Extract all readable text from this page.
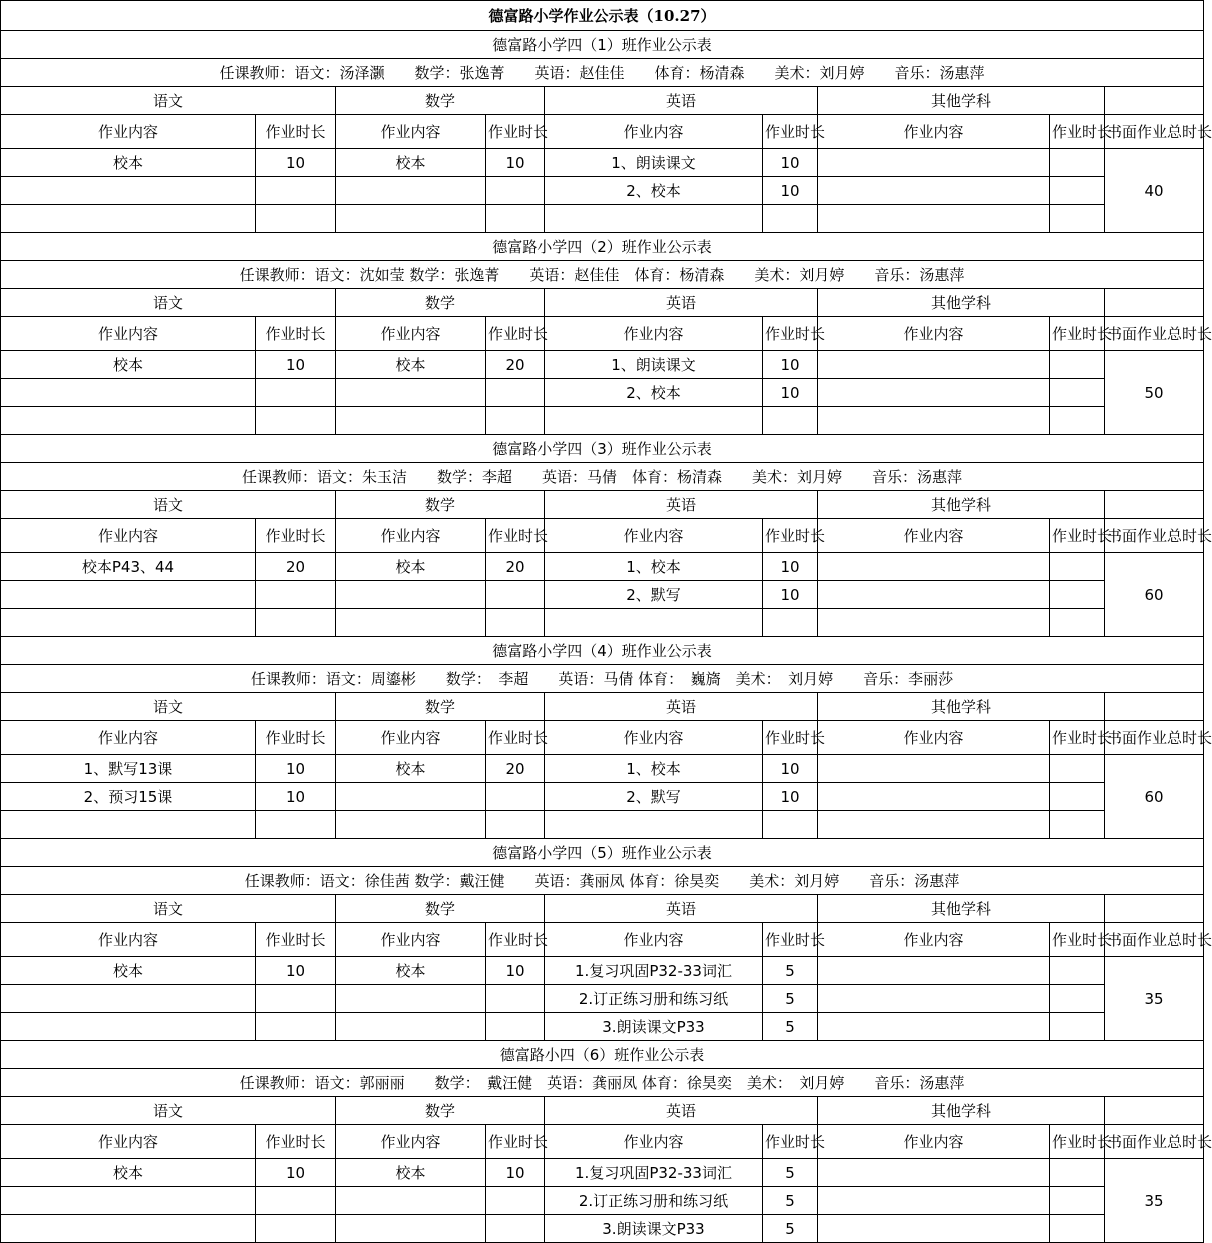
德富路小学作业公示表（10.27）								
德富路小学四（1）班作业公示表								
任课教师：语文：汤泽灏　　数学：张逸菁　　英语：赵佳佳　　体育：杨清森　　美术：刘月婷　　音乐：汤惠萍								
语文		数学		英语		其他学科		
作业内容	作业时长	作业内容	作业时长	作业内容	作业时长	作业内容	作业时长	书面作业总时长
校本	10	校本	10	1、朗读课文	10			40
				2、校本	10			

德富路小学四（2）班作业公示表								
任课教师：语文：沈如莹 数学：张逸菁　　英语：赵佳佳　体育：杨清森　　美术：刘月婷　　音乐：汤惠萍								
语文		数学		英语		其他学科		
作业内容	作业时长	作业内容	作业时长	作业内容	作业时长	作业内容	作业时长	书面作业总时长
校本	10	校本	20	1、朗读课文	10			50
				2、校本	10			

德富路小学四（3）班作业公示表								
任课教师：语文：朱玉洁　　数学：李超　　英语：马倩　体育：杨清森　　美术：刘月婷　　音乐：汤惠萍								
语文		数学		英语		其他学科		
作业内容	作业时长	作业内容	作业时长	作业内容	作业时长	作业内容	作业时长	书面作业总时长
校本P43、44	20	校本	20	1、校本	10			60
				2、默写	10			

德富路小学四（4）班作业公示表								
任课教师：语文：周鎏彬　　数学：　李超　　英语：马倩 体育：　巍旖　美术：　刘月婷　　音乐：李丽莎								
语文		数学		英语		其他学科		
作业内容	作业时长	作业内容	作业时长	作业内容	作业时长	作业内容	作业时长	书面作业总时长
1、默写13课	10	校本	20	1、校本	10			60
2、预习15课	10			2、默写	10			

德富路小学四（5）班作业公示表								
任课教师：语文：徐佳茜 数学：戴汪健　　英语：龚丽凤 体育：徐昊奕　　美术：刘月婷　　音乐：汤惠萍								
语文		数学		英语		其他学科		
作业内容	作业时长	作业内容	作业时长	作业内容	作业时长	作业内容	作业时长	书面作业总时长
校本	10	校本	10	1.复习巩固P32-33词汇	5			35
				2.订正练习册和练习纸	5			
				3.朗读课文P33	5			
德富路小四（6）班作业公示表								
任课教师：语文：郭丽丽　　数学：　戴汪健　英语：龚丽凤 体育：徐昊奕　美术：　刘月婷　　音乐：汤惠萍								
语文		数学		英语		其他学科		
作业内容	作业时长	作业内容	作业时长	作业内容	作业时长	作业内容	作业时长	书面作业总时长
校本	10	校本	10	1.复习巩固P32-33词汇	5			35
				2.订正练习册和练习纸	5			
				3.朗读课文P33	5			
